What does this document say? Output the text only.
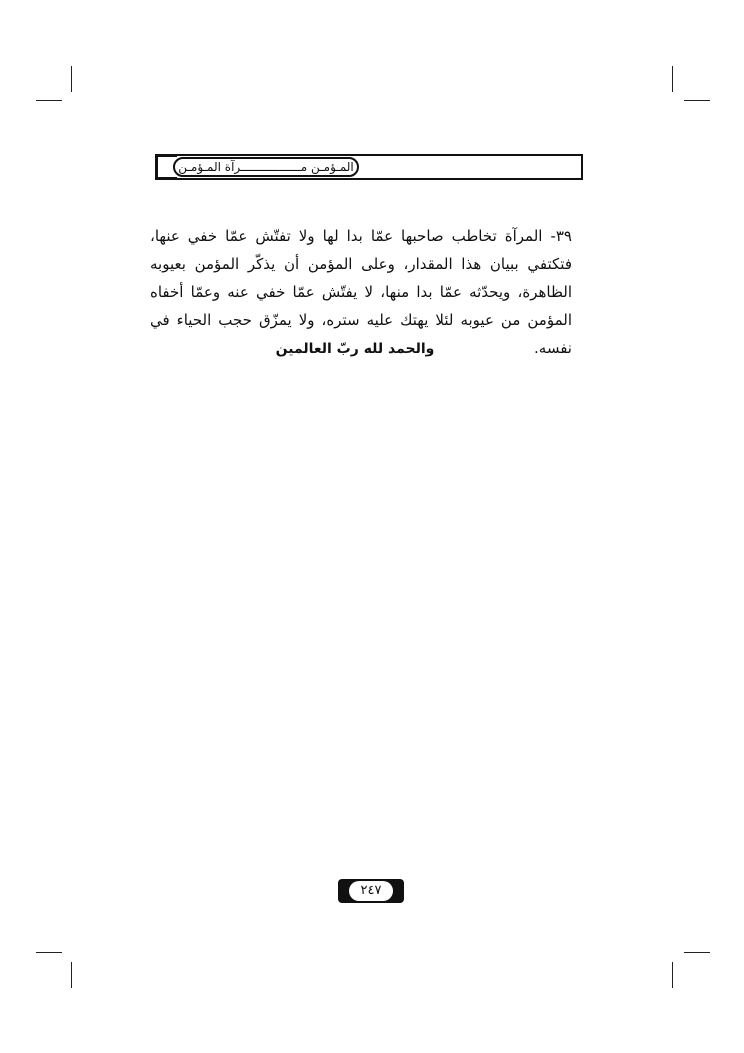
المـؤمـن مـــــــــــــــــرآة المـؤمـن

٣٩- المرآة تخاطب صاحبها عمّا بدا لها ولا تفتّش عمّا خفي عنها، فتكتفي ببيان هذا المقدار، وعلى المؤمن أن يذكّر المؤمن بعيوبه الظاهرة، ويحدّثه عمّا بدا منها، لا يفتّش عمّا خفي عنه وعمّا أخفاه المؤمن من عيوبه لئلا يهتك عليه ستره، ولا يمزّق حجب الحياء في نفسه.

والحمد لله ربّ العالمين
٢٤٧
